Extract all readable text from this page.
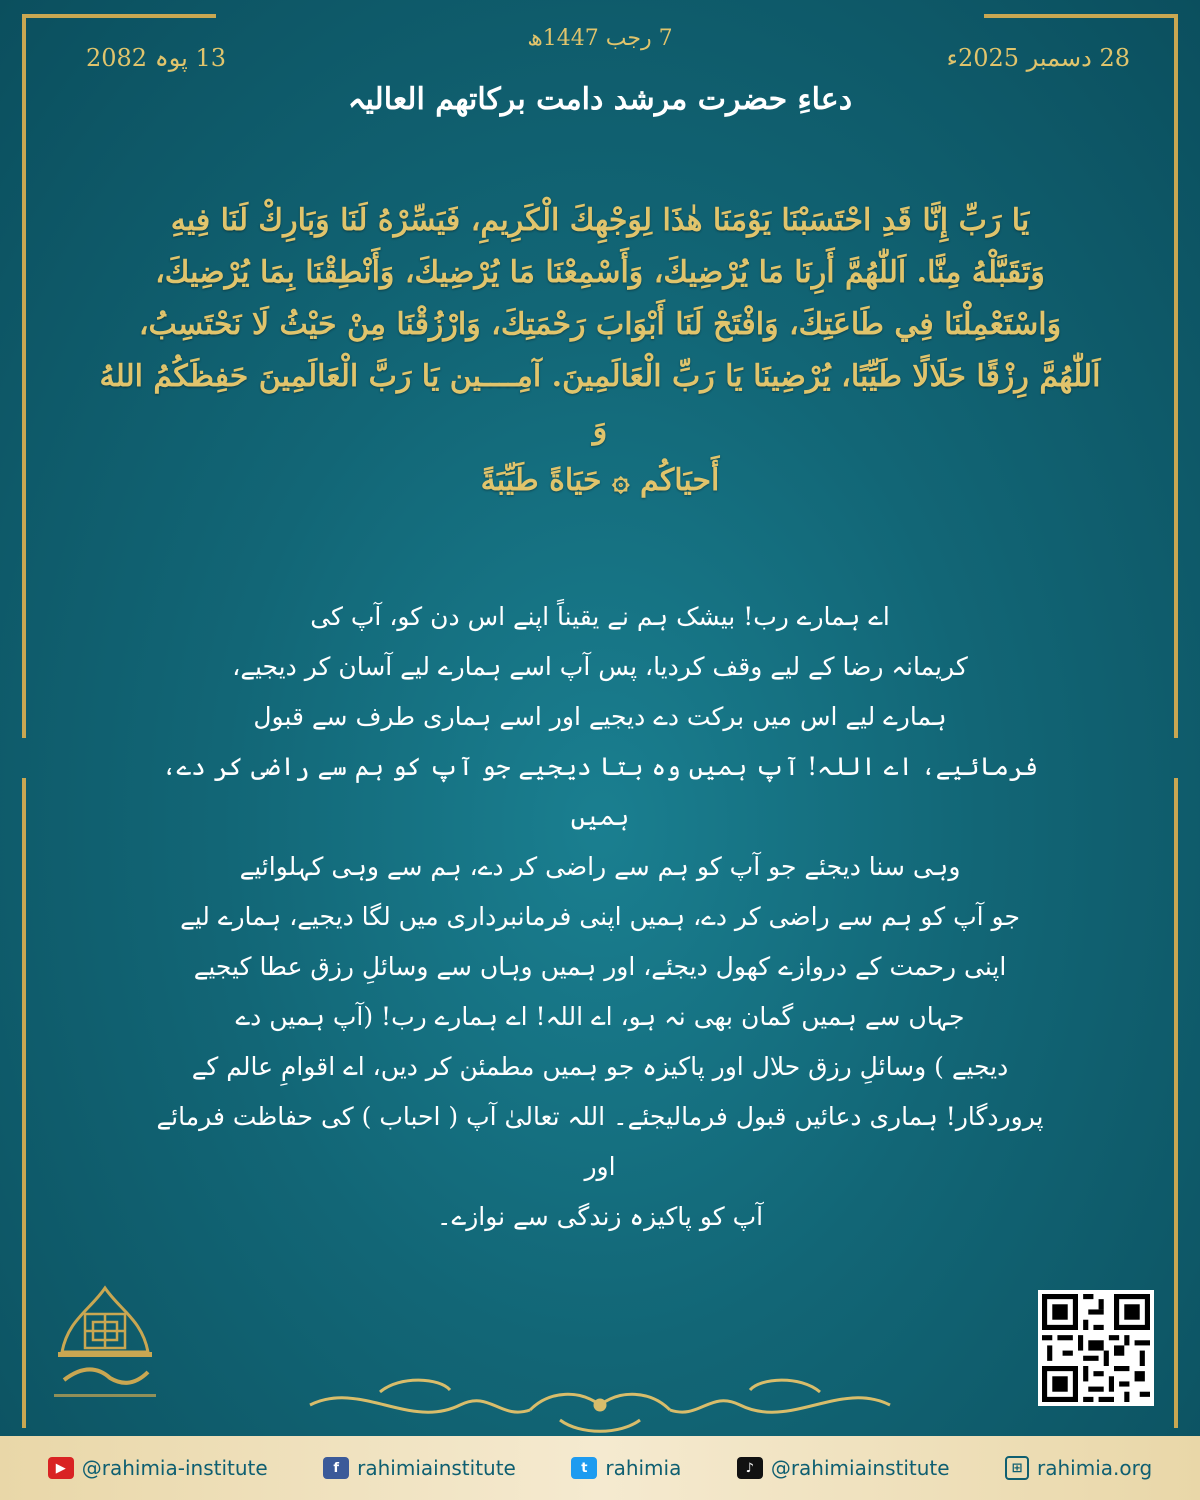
7 رجب 1447ھ
28 دسمبر 2025ء
13 پوہ 2082
دعاءِ حضرت مرشد دامت برکاتھم العالیہ
يَا رَبِّ إِنَّا قَدِ احْتَسَبْنَا يَوْمَنَا هٰذَا لِوَجْهِكَ الْكَرِيمِ، فَيَسِّرْهُ لَنَا وَبَارِكْ لَنَا فِيهِ
وَتَقَبَّلْهُ مِنَّا. اَللّٰهُمَّ أَرِنَا مَا يُرْضِيكَ، وَأَسْمِعْنَا مَا يُرْضِيكَ، وَأَنْطِقْنَا بِمَا يُرْضِيكَ،
وَاسْتَعْمِلْنَا فِي طَاعَتِكَ، وَافْتَحْ لَنَا أَبْوَابَ رَحْمَتِكَ، وَارْزُقْنَا مِنْ حَيْثُ لَا نَحْتَسِبُ،
اَللّٰهُمَّ رِزْقًا حَلَالًا طَيِّبًا، يُرْضِينَا يَا رَبِّ الْعَالَمِينَ. آمِــــين يَا رَبَّ الْعَالَمِينَ حَفِظَكُمُ اللهُ وَ
أَحيَاكُم ۞ حَيَاةً طَيِّبَةً
اے ہمارے رب! بیشک ہم نے یقیناً اپنے اس دن کو، آپ کی
کریمانہ رضا کے لیے وقف کردیا، پس آپ اسے ہمارے لیے آسان کر دیجیے،
ہمارے لیے اس میں برکت دے دیجیے اور اسے ہماری طرف سے قبول
فرمائیے، اے اللہ! آپ ہمیں وہ بتا دیجیے جو آپ کو ہم سے راضی کر دے، ہمیں
وہی سنا دیجئے جو آپ کو ہم سے راضی کر دے، ہم سے وہی کہلوائیے
جو آپ کو ہم سے راضی کر دے، ہمیں اپنی فرمانبرداری میں لگا دیجیے، ہمارے لیے
اپنی رحمت کے دروازے کھول دیجئے، اور ہمیں وہاں سے وسائلِ رزق عطا کیجیے
جہاں سے ہمیں گمان بھی نہ ہو، اے اللہ! اے ہمارے رب! (آپ ہمیں دے
دیجیے ) وسائلِ رزق حلال اور پاکیزہ جو ہمیں مطمئن کر دیں، اے اقوامِ عالم کے
پروردگار! ہماری دعائیں قبول فرمالیجئے۔ اللہ تعالیٰ آپ ( احباب ) کی حفاظت فرمائے اور
آپ کو پاکیزہ زندگی سے نوازے۔
▶ @rahimia-institute	f rahimiainstitute	t rahimia	♪ @rahimiainstitute	⊞ rahimia.org
